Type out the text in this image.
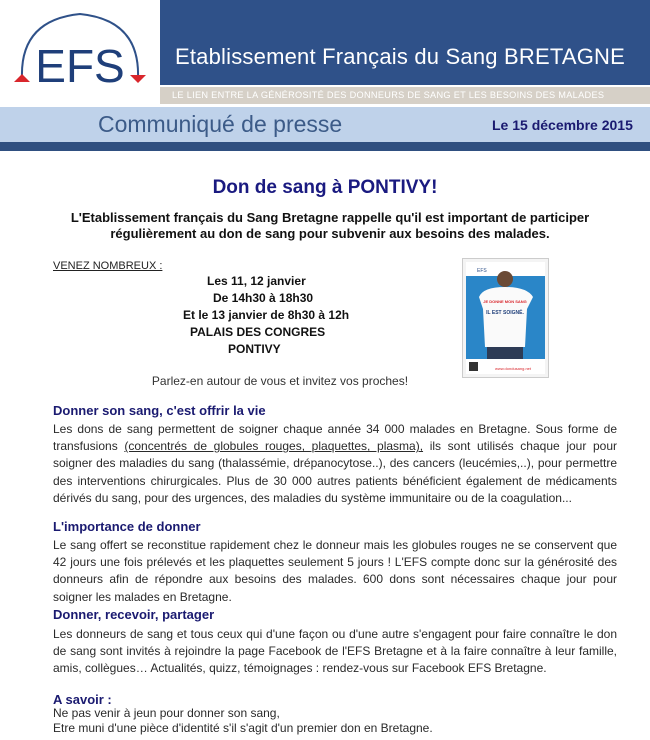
EFS Etablissement Français du Sang BRETAGNE
LE LIEN ENTRE LA GÉNÉROSITÉ DES DONNEURS DE SANG ET LES BESOINS DES MALADES
Communiqué de presse	Le 15 décembre 2015
Don de sang à PONTIVY!
L'Etablissement français du Sang Bretagne rappelle qu'il est important de participer régulièrement au don de sang pour subvenir aux besoins des malades.
VENEZ NOMBREUX :
Les 11, 12 janvier
De 14h30 à 18h30
Et le 13 janvier de 8h30 à 12h
PALAIS DES CONGRES
PONTIVY
Parlez-en autour de vous et invitez vos proches!
EFS
JE DONNE MON SANG
IL EST SOIGNÉ.
www.dondusang.net
Donner son sang, c'est offrir la vie
Les dons de sang permettent de soigner chaque année 34 000 malades en Bretagne. Sous forme de transfusions (concentrés de globules rouges, plaquettes, plasma), ils sont utilisés chaque jour pour soigner des maladies du sang (thalassémie, drépanocytose..), des cancers (leucémies,..), pour permettre des interventions chirurgicales. Plus de 30 000 autres patients bénéficient également de médicaments dérivés du sang, pour des urgences, des maladies du système immunitaire ou de la coagulation...
L'importance de donner
Le sang offert se reconstitue rapidement chez le donneur mais les globules rouges ne se conservent que 42 jours une fois prélevés et les plaquettes seulement 5 jours ! L'EFS compte donc sur la générosité des donneurs afin de répondre aux besoins des malades. 600 dons sont nécessaires chaque jour pour soigner les malades en Bretagne.
Donner, recevoir, partager
Les donneurs de sang et tous ceux qui d'une façon ou d'une autre s'engagent pour faire connaître le don de sang sont invités à rejoindre la page Facebook de l'EFS Bretagne et à la faire connaître à leur famille, amis, collègues… Actualités, quizz, témoignages : rendez-vous sur Facebook EFS Bretagne.
A savoir :
Ne pas venir à jeun pour donner son sang,
Etre muni d'une pièce d'identité s'il s'agit d'un premier don en Bretagne.
